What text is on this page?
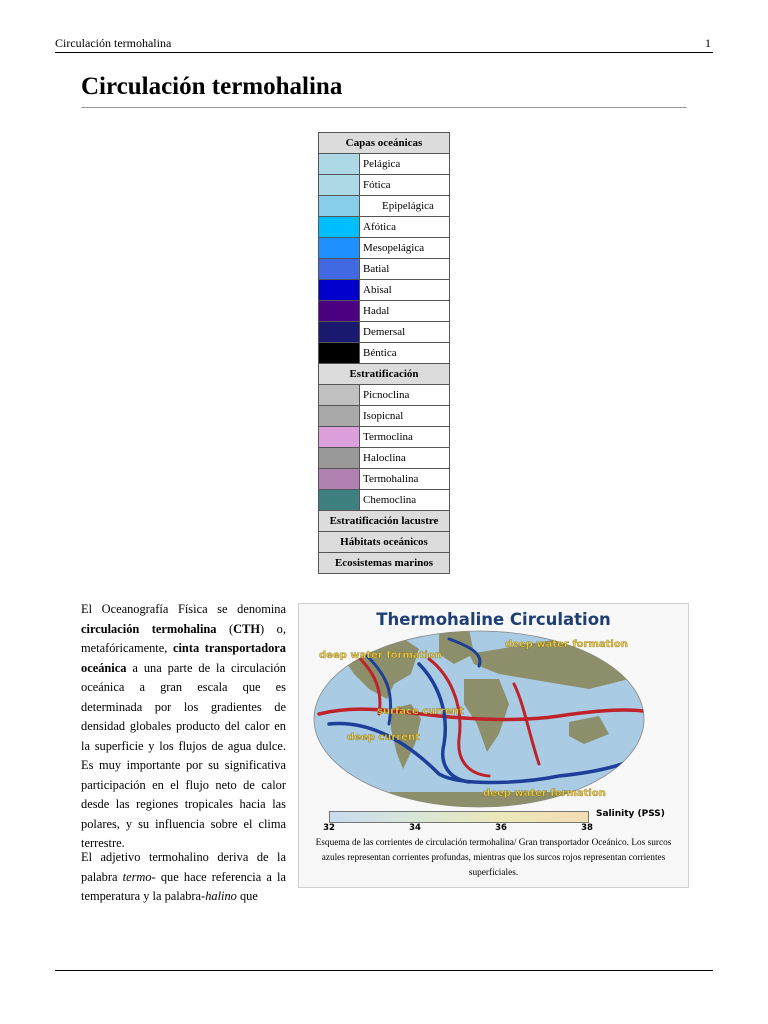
Circulación termohalina	1
Circulación termohalina
Capas oceánicas	
	Pelágica
	Fótica
	Epipelágica
	Afótica
	Mesopelágica
	Batial
	Abisal
	Hadal
	Demersal
	Béntica
Estratificación	
	Picnoclina
	Isopicnal
	Termoclina
	Haloclina
	Termohalina
	Chemoclina
Estratificación lacustre	
Hábitats oceánicos	
Ecosistemas marinos	
El Oceanografía Física se denomina circulación termohalina (CTH) o, metafóricamente, cinta transportadora oceánica a una parte de la circulación oceánica a gran escala que es determinada por los gradientes de densidad globales producto del calor en la superficie y los flujos de agua dulce. Es muy importante por su significativa participación en el flujo neto de calor desde las regiones tropicales hacia las polares, y su influencia sobre el clima terrestre.
El adjetivo termohalino deriva de la palabra termo- que hace referencia a la temperatura y la palabra-halino que
Thermohaline Circulation
deep water formation
deep water formation
surface current
deep current
deep water formation
Salinity (PSS)
32	34	36	38
Esquema de las corrientes de circulación termohalina/ Gran transportador Oceánico. Los surcos azules representan corrientes profundas, mientras que los surcos rojos representan corrientes superficiales.
